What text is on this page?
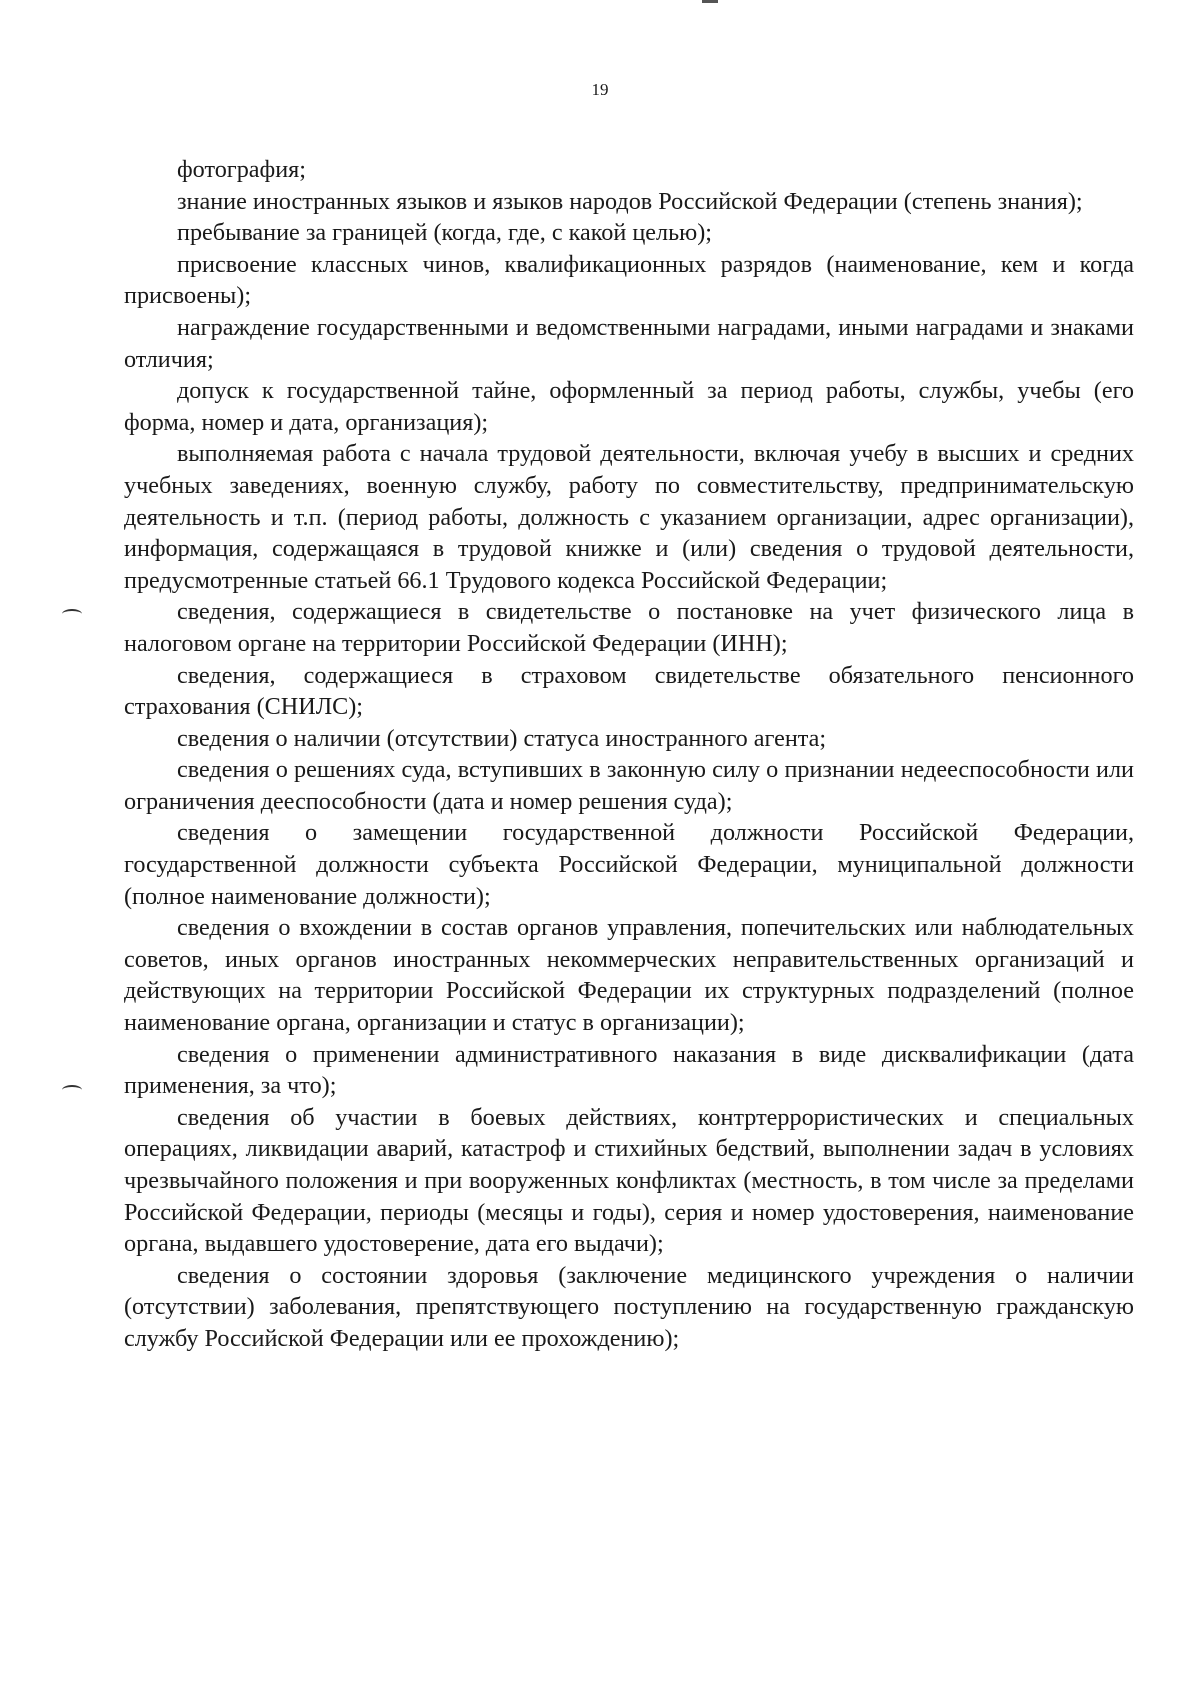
19

фотография;

знание иностранных языков и языков народов Российской Федерации (степень знания);

пребывание за границей (когда, где, с какой целью);

присвоение классных чинов, квалификационных разрядов (наименование, кем и когда присвоены);

награждение государственными и ведомственными наградами, иными наградами и знаками отличия;

допуск к государственной тайне, оформленный за период работы, службы, учебы (его форма, номер и дата, организация);

выполняемая работа с начала трудовой деятельности, включая учебу в высших и средних учебных заведениях, военную службу, работу по совместительству, предпринимательскую деятельность и т.п. (период работы, должность с указанием организации, адрес организации), информация, содержащаяся в трудовой книжке и (или) сведения о трудовой деятельности, предусмотренные статьей 66.1 Трудового кодекса Российской Федерации;

сведения, содержащиеся в свидетельстве о постановке на учет физического лица в налоговом органе на территории Российской Федерации (ИНН);

сведения, содержащиеся в страховом свидетельстве обязательного пенсионного страхования (СНИЛС);

сведения о наличии (отсутствии) статуса иностранного агента;

сведения о решениях суда, вступивших в законную силу о признании недееспособности или ограничения дееспособности (дата и номер решения суда);

сведения о замещении государственной должности Российской Федерации, государственной должности субъекта Российской Федерации, муниципальной должности (полное наименование должности);

сведения о вхождении в состав органов управления, попечительских или наблюдательных советов, иных органов иностранных некоммерческих неправительственных организаций и действующих на территории Российской Федерации их структурных подразделений (полное наименование органа, организации и статус в организации);

сведения о применении административного наказания в виде дисквалификации (дата применения, за что);

сведения об участии в боевых действиях, контртеррористических и специальных операциях, ликвидации аварий, катастроф и стихийных бедствий, выполнении задач в условиях чрезвычайного положения и при вооруженных конфликтах (местность, в том числе за пределами Российской Федерации, периоды (месяцы и годы), серия и номер удостоверения, наименование органа, выдавшего удостоверение, дата его выдачи);

сведения о состоянии здоровья (заключение медицинского учреждения о наличии (отсутствии) заболевания, препятствующего поступлению на государственную гражданскую службу Российской Федерации или ее прохождению);
